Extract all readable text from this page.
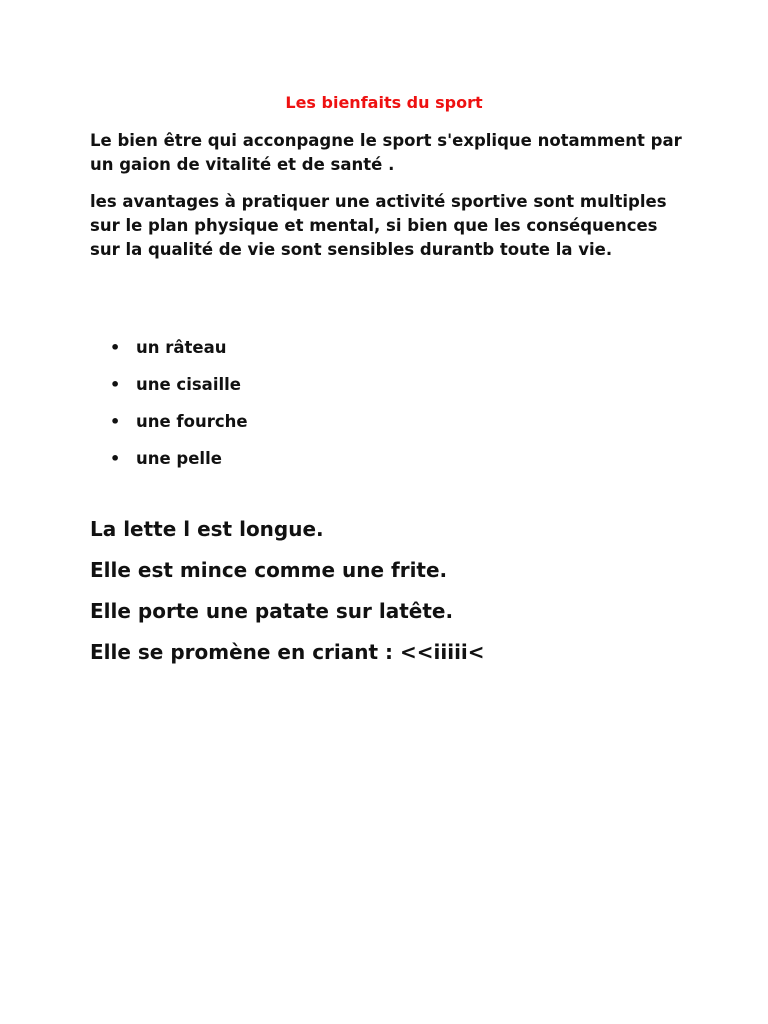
Les bienfaits du sport

Le bien être qui acconpagne le sport s'explique notamment par un gaion de vitalité et de santé .

les avantages à pratiquer une activité sportive sont multiples sur le plan physique et mental, si bien que les conséquences sur la qualité de vie sont sensibles durantb toute la vie.

• un râteau
• une cisaille
• une fourche
• une pelle

La lette l est longue.

Elle est mince comme une frite.

Elle porte une patate sur latête.

Elle se promène en criant : <<iiiii<
